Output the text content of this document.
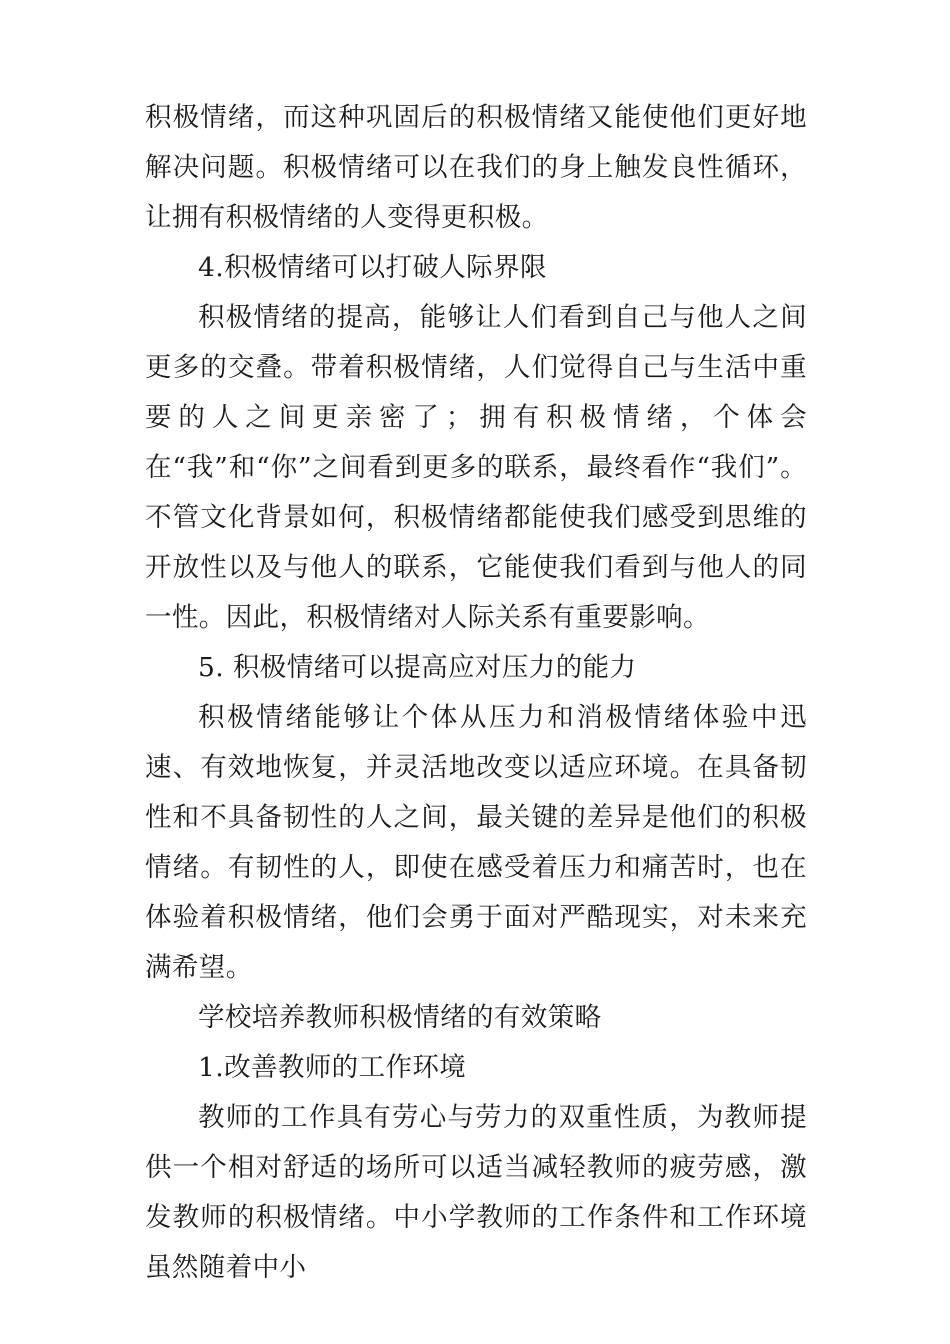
积极情绪，而这种巩固后的积极情绪又能使他们更好地解决问题。积极情绪可以在我们的身上触发良性循环，让拥有积极情绪的人变得更积极。

4.积极情绪可以打破人际界限

积极情绪的提高，能够让人们看到自己与他人之间更多的交叠。带着积极情绪，人们觉得自己与生活中重要的人之间更亲密了；拥有积极情绪，个体会在“我”和“你”之间看到更多的联系，最终看作“我们”。不管文化背景如何，积极情绪都能使我们感受到思维的开放性以及与他人的联系，它能使我们看到与他人的同一性。因此，积极情绪对人际关系有重要影响。

5. 积极情绪可以提高应对压力的能力

积极情绪能够让个体从压力和消极情绪体验中迅速、有效地恢复，并灵活地改变以适应环境。在具备韧性和不具备韧性的人之间，最关键的差异是他们的积极情绪。有韧性的人，即使在感受着压力和痛苦时，也在体验着积极情绪，他们会勇于面对严酷现实，对未来充满希望。

学校培养教师积极情绪的有效策略

1.改善教师的工作环境

教师的工作具有劳心与劳力的双重性质，为教师提供一个相对舒适的场所可以适当减轻教师的疲劳感，激发教师的积极情绪。中小学教师的工作条件和工作环境虽然随着中小
